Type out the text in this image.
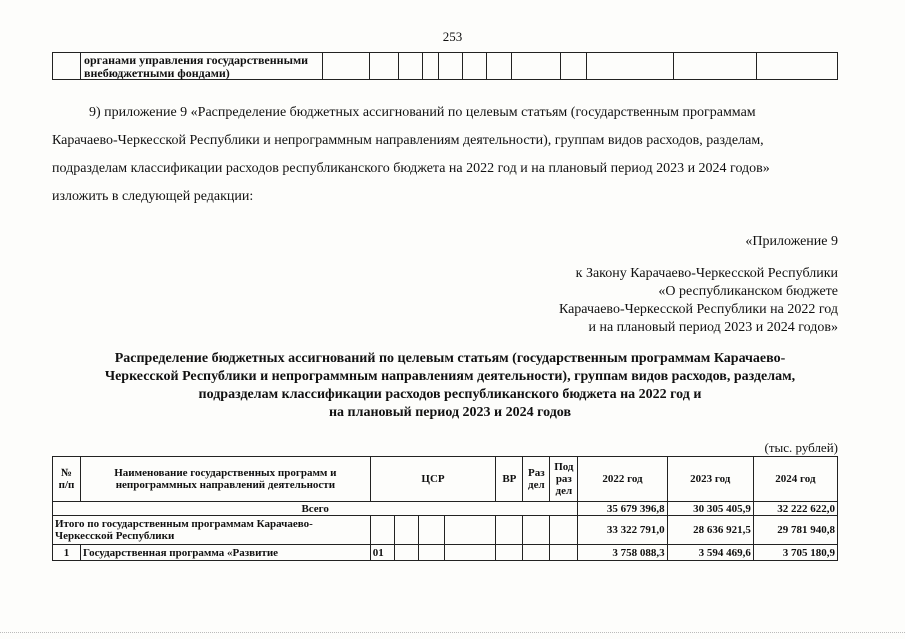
253
органами управления государственными
внебюджетными фондами)
9) приложение 9 «Распределение бюджетных ассигнований по целевым статьям (государственным программам
Карачаево-Черкесской Республики и непрограммным направлениям деятельности), группам видов расходов, разделам,
подразделам классификации расходов республиканского бюджета на 2022 год и на плановый период 2023 и 2024 годов»
изложить в следующей редакции:
«Приложение 9
к Закону Карачаево-Черкесской Республики
«О республиканском бюджете
Карачаево-Черкесской Республики на 2022 год
и на плановый период 2023 и 2024 годов»
Распределение бюджетных ассигнований по целевым статьям (государственным программам Карачаево-
Черкесской Республики и непрограммным направлениям деятельности), группам видов расходов, разделам,
подразделам классификации расходов республиканского бюджета на 2022 год и
на плановый период 2023 и 2024 годов
(тыс. рублей)
№ п/п	Наименование государственных программ и непрограммных направлений деятельности	ЦСР				ВР	Раз дел	Под раз дел	2022 год	2023 год	2024 год
Всего									35 679 396,8	30 305 405,9	32 222 622,0
Итого по государственным программам Карачаево-Черкесской Республики									33 322 791,0	28 636 921,5	29 781 940,8
1	Государственная программа «Развитие	01							3 758 088,3	3 594 469,6	3 705 180,9
